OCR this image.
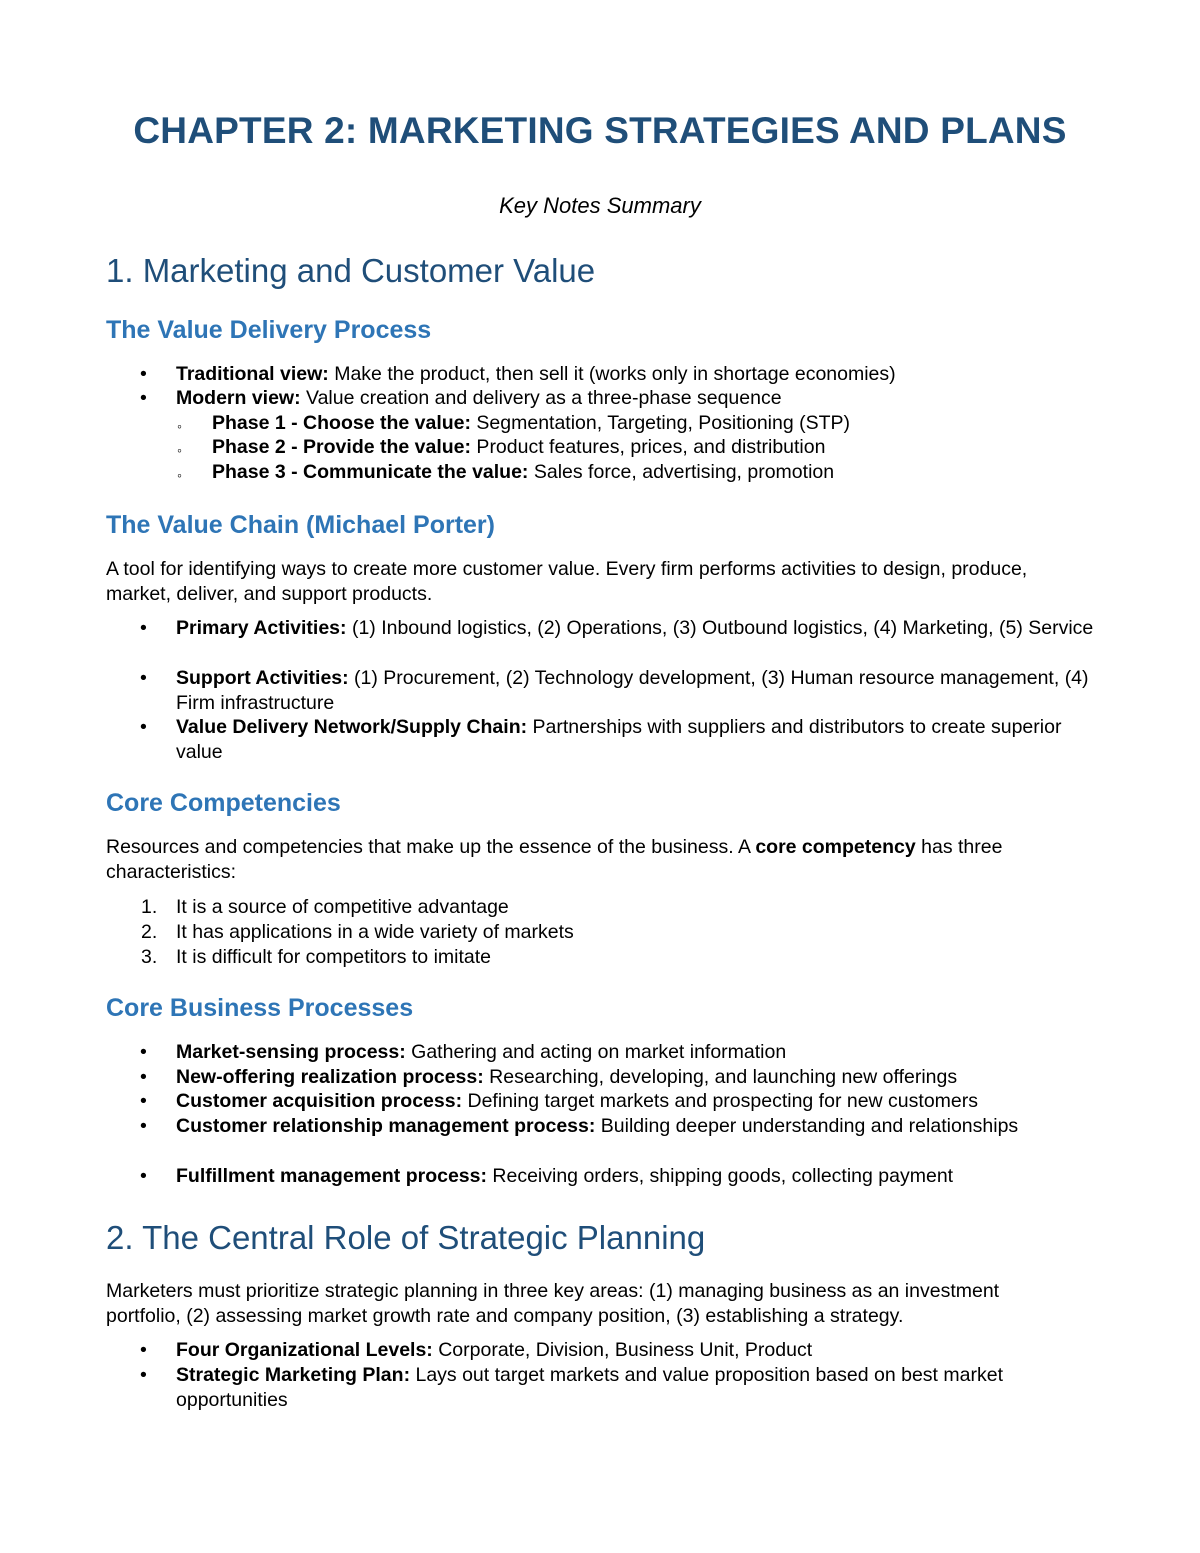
CHAPTER 2: MARKETING STRATEGIES AND PLANS
Key Notes Summary
1. Marketing and Customer Value
The Value Delivery Process
• Traditional view: Make the product, then sell it (works only in shortage economies)
• Modern view: Value creation and delivery as a three-phase sequence
◦ Phase 1 - Choose the value: Segmentation, Targeting, Positioning (STP)
◦ Phase 2 - Provide the value: Product features, prices, and distribution
◦ Phase 3 - Communicate the value: Sales force, advertising, promotion
The Value Chain (Michael Porter)
A tool for identifying ways to create more customer value. Every firm performs activities to design, produce, market, deliver, and support products.
• Primary Activities: (1) Inbound logistics, (2) Operations, (3) Outbound logistics, (4) Marketing, (5) Service
• Support Activities: (1) Procurement, (2) Technology development, (3) Human resource management, (4) Firm infrastructure
• Value Delivery Network/Supply Chain: Partnerships with suppliers and distributors to create superior value
Core Competencies
Resources and competencies that make up the essence of the business. A core competency has three characteristics:
1. It is a source of competitive advantage
2. It has applications in a wide variety of markets
3. It is difficult for competitors to imitate
Core Business Processes
• Market-sensing process: Gathering and acting on market information
• New-offering realization process: Researching, developing, and launching new offerings
• Customer acquisition process: Defining target markets and prospecting for new customers
• Customer relationship management process: Building deeper understanding and relationships
• Fulfillment management process: Receiving orders, shipping goods, collecting payment
2. The Central Role of Strategic Planning
Marketers must prioritize strategic planning in three key areas: (1) managing business as an investment portfolio, (2) assessing market growth rate and company position, (3) establishing a strategy.
• Four Organizational Levels: Corporate, Division, Business Unit, Product
• Strategic Marketing Plan: Lays out target markets and value proposition based on best market opportunities
